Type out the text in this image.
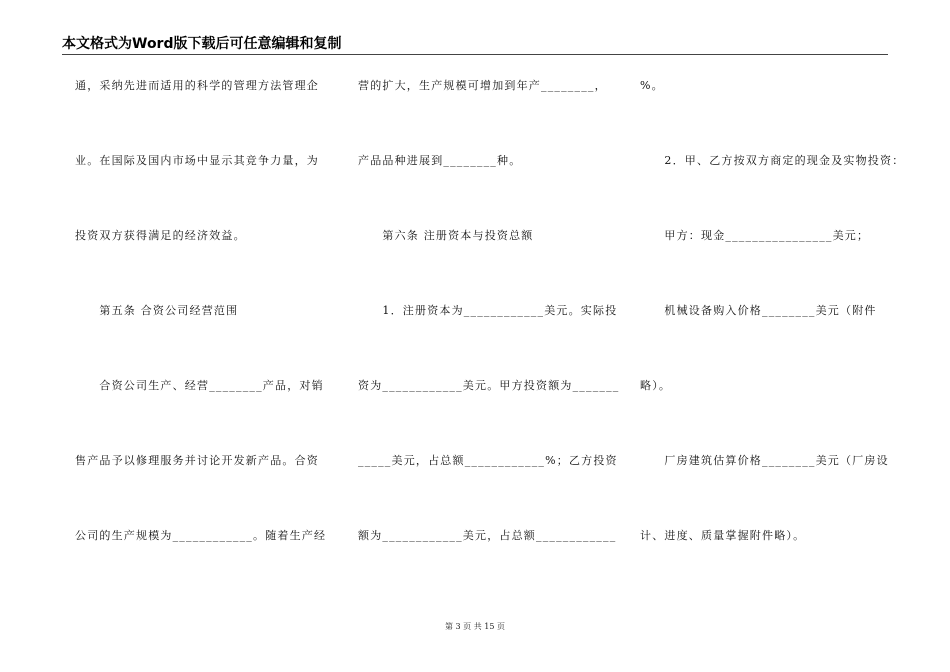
本文格式为Word版下载后可任意编辑和复制
通，采纳先进而适用的科学的管理方法管理企
业。在国际及国内市场中显示其竞争力量，为
投资双方获得满足的经济效益。
　　第五条 合资公司经营范围
　　合资公司生产、经营________产品，对销
售产品予以修理服务并讨论开发新产品。合资
公司的生产规模为____________。随着生产经
营的扩大，生产规模可增加到年产________，
产品品种进展到________种。
　　第六条 注册资本与投资总额
　　1．注册资本为____________美元。实际投
资为____________美元。甲方投资额为_______
_____美元，占总额____________%；乙方投资
额为____________美元，占总额____________
%。
　　2．甲、乙方按双方商定的现金及实物投资：
　　甲方：现金________________美元；
　　机械设备购入价格________美元（附件
略）。
　　厂房建筑估算价格________美元（厂房设
计、进度、质量掌握附件略）。
第 3 页 共 15 页
